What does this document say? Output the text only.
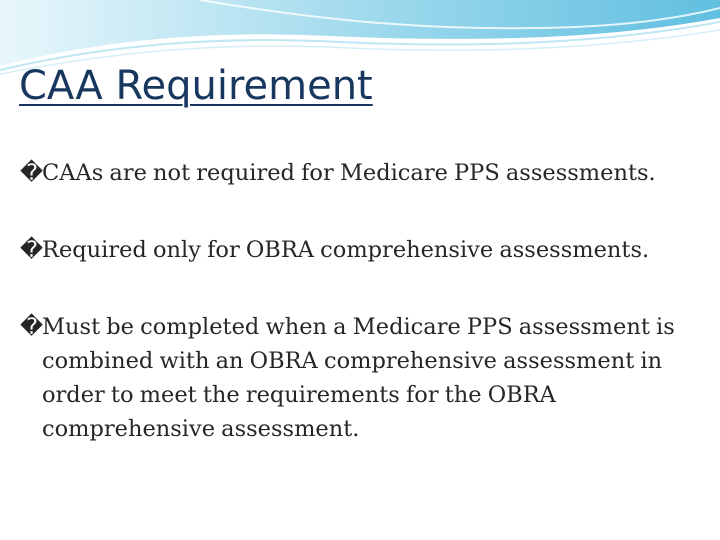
CAA Requirement
�
CAAs are not required for Medicare PPS assessments.
�
Required only for OBRA comprehensive assessments.
�
Must be completed when a Medicare PPS assessment is combined with an OBRA comprehensive assessment in order to meet the requirements for the OBRA comprehensive assessment.
